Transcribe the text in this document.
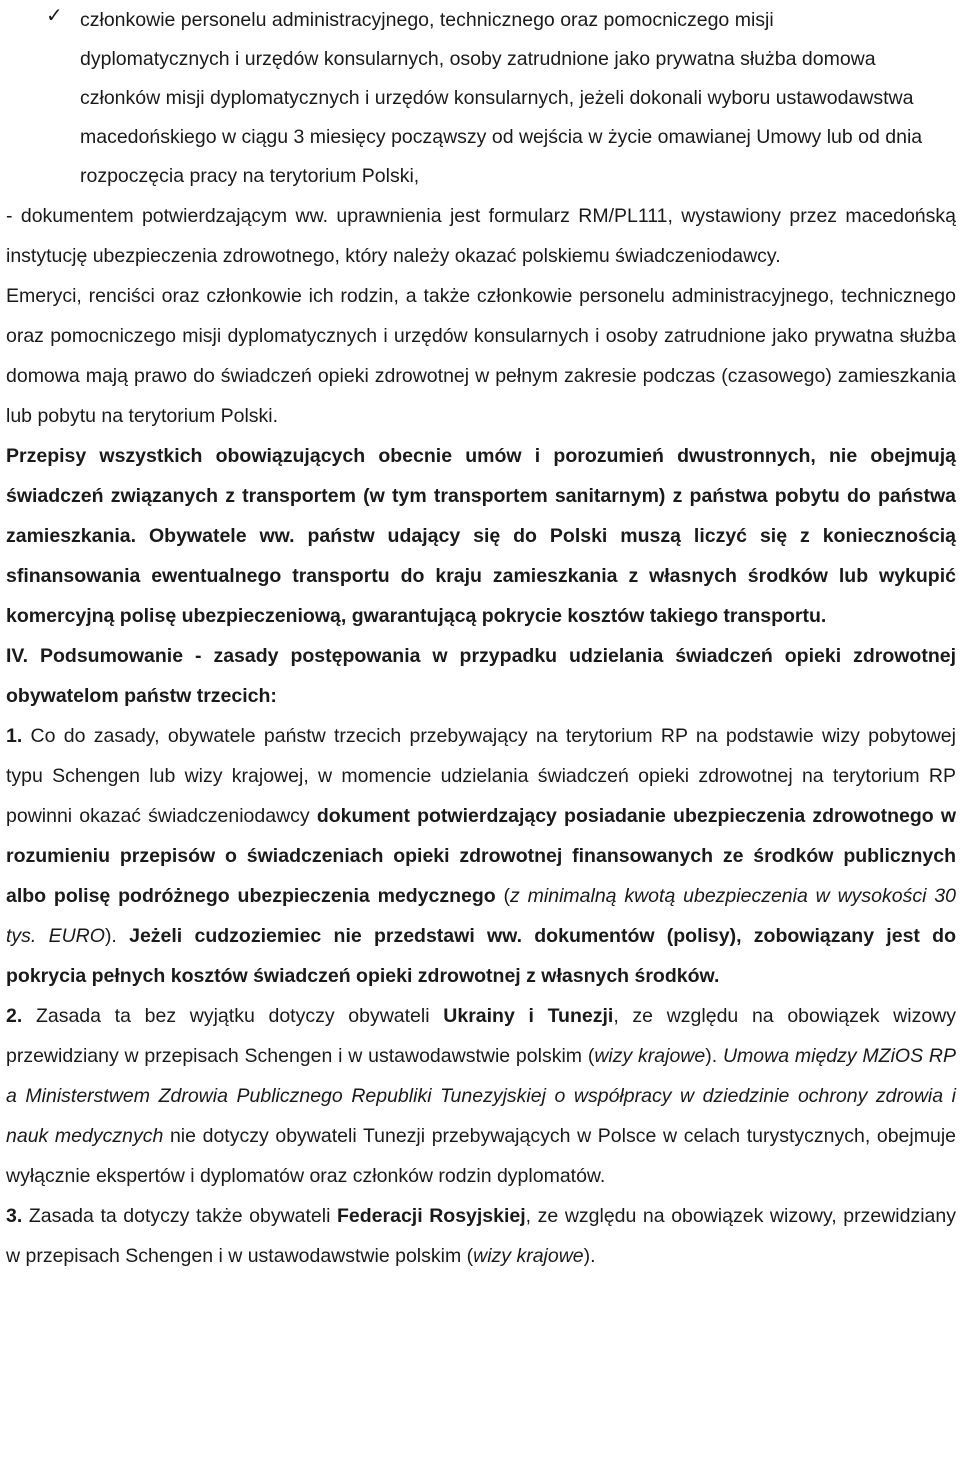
✓ członkowie personelu administracyjnego, technicznego oraz pomocniczego misji
dyplomatycznych i urzędów konsularnych, osoby zatrudnione jako prywatna służba domowa członków misji dyplomatycznych i urzędów konsularnych, jeżeli dokonali wyboru ustawodawstwa macedońskiego w ciągu 3 miesięcy począwszy od wejścia w życie omawianej Umowy lub od dnia rozpoczęcia pracy na terytorium Polski,

- dokumentem potwierdzającym ww. uprawnienia jest formularz RM/PL111, wystawiony przez macedońską instytucję ubezpieczenia zdrowotnego, który należy okazać polskiemu świadczeniodawcy.

Emeryci, renciści oraz członkowie ich rodzin, a także członkowie personelu administracyjnego, technicznego oraz pomocniczego misji dyplomatycznych i urzędów konsularnych i osoby zatrudnione jako prywatna służba domowa mają prawo do świadczeń opieki zdrowotnej w pełnym zakresie podczas (czasowego) zamieszkania lub pobytu na terytorium Polski.

Przepisy wszystkich obowiązujących obecnie umów i porozumień dwustronnych, nie obejmują świadczeń związanych z transportem (w tym transportem sanitarnym) z państwa pobytu do państwa zamieszkania. Obywatele ww. państw udający się do Polski muszą liczyć się z koniecznością sfinansowania ewentualnego transportu do kraju zamieszkania z własnych środków lub wykupić komercyjną polisę ubezpieczeniową, gwarantującą pokrycie kosztów takiego transportu.

IV. Podsumowanie - zasady postępowania w przypadku udzielania świadczeń opieki zdrowotnej obywatelom państw trzecich:

1. Co do zasady, obywatele państw trzecich przebywający na terytorium RP na podstawie wizy pobytowej typu Schengen lub wizy krajowej, w momencie udzielania świadczeń opieki zdrowotnej na terytorium RP powinni okazać świadczeniodawcy dokument potwierdzający posiadanie ubezpieczenia zdrowotnego w rozumieniu przepisów o świadczeniach opieki zdrowotnej finansowanych ze środków publicznych albo polisę podróżnego ubezpieczenia medycznego (z minimalną kwotą ubezpieczenia w wysokości 30 tys. EURO). Jeżeli cudzoziemiec nie przedstawi ww. dokumentów (polisy), zobowiązany jest do pokrycia pełnych kosztów świadczeń opieki zdrowotnej z własnych środków.

2. Zasada ta bez wyjątku dotyczy obywateli Ukrainy i Tunezji, ze względu na obowiązek wizowy przewidziany w przepisach Schengen i w ustawodawstwie polskim (wizy krajowe). Umowa między MZiOS RP a Ministerstwem Zdrowia Publicznego Republiki Tunezyjskiej o współpracy w dziedzinie ochrony zdrowia i nauk medycznych nie dotyczy obywateli Tunezji przebywających w Polsce w celach turystycznych, obejmuje wyłącznie ekspertów i dyplomatów oraz członków rodzin dyplomatów.

3. Zasada ta dotyczy także obywateli Federacji Rosyjskiej, ze względu na obowiązek wizowy, przewidziany w przepisach Schengen i w ustawodawstwie polskim (wizy krajowe).
